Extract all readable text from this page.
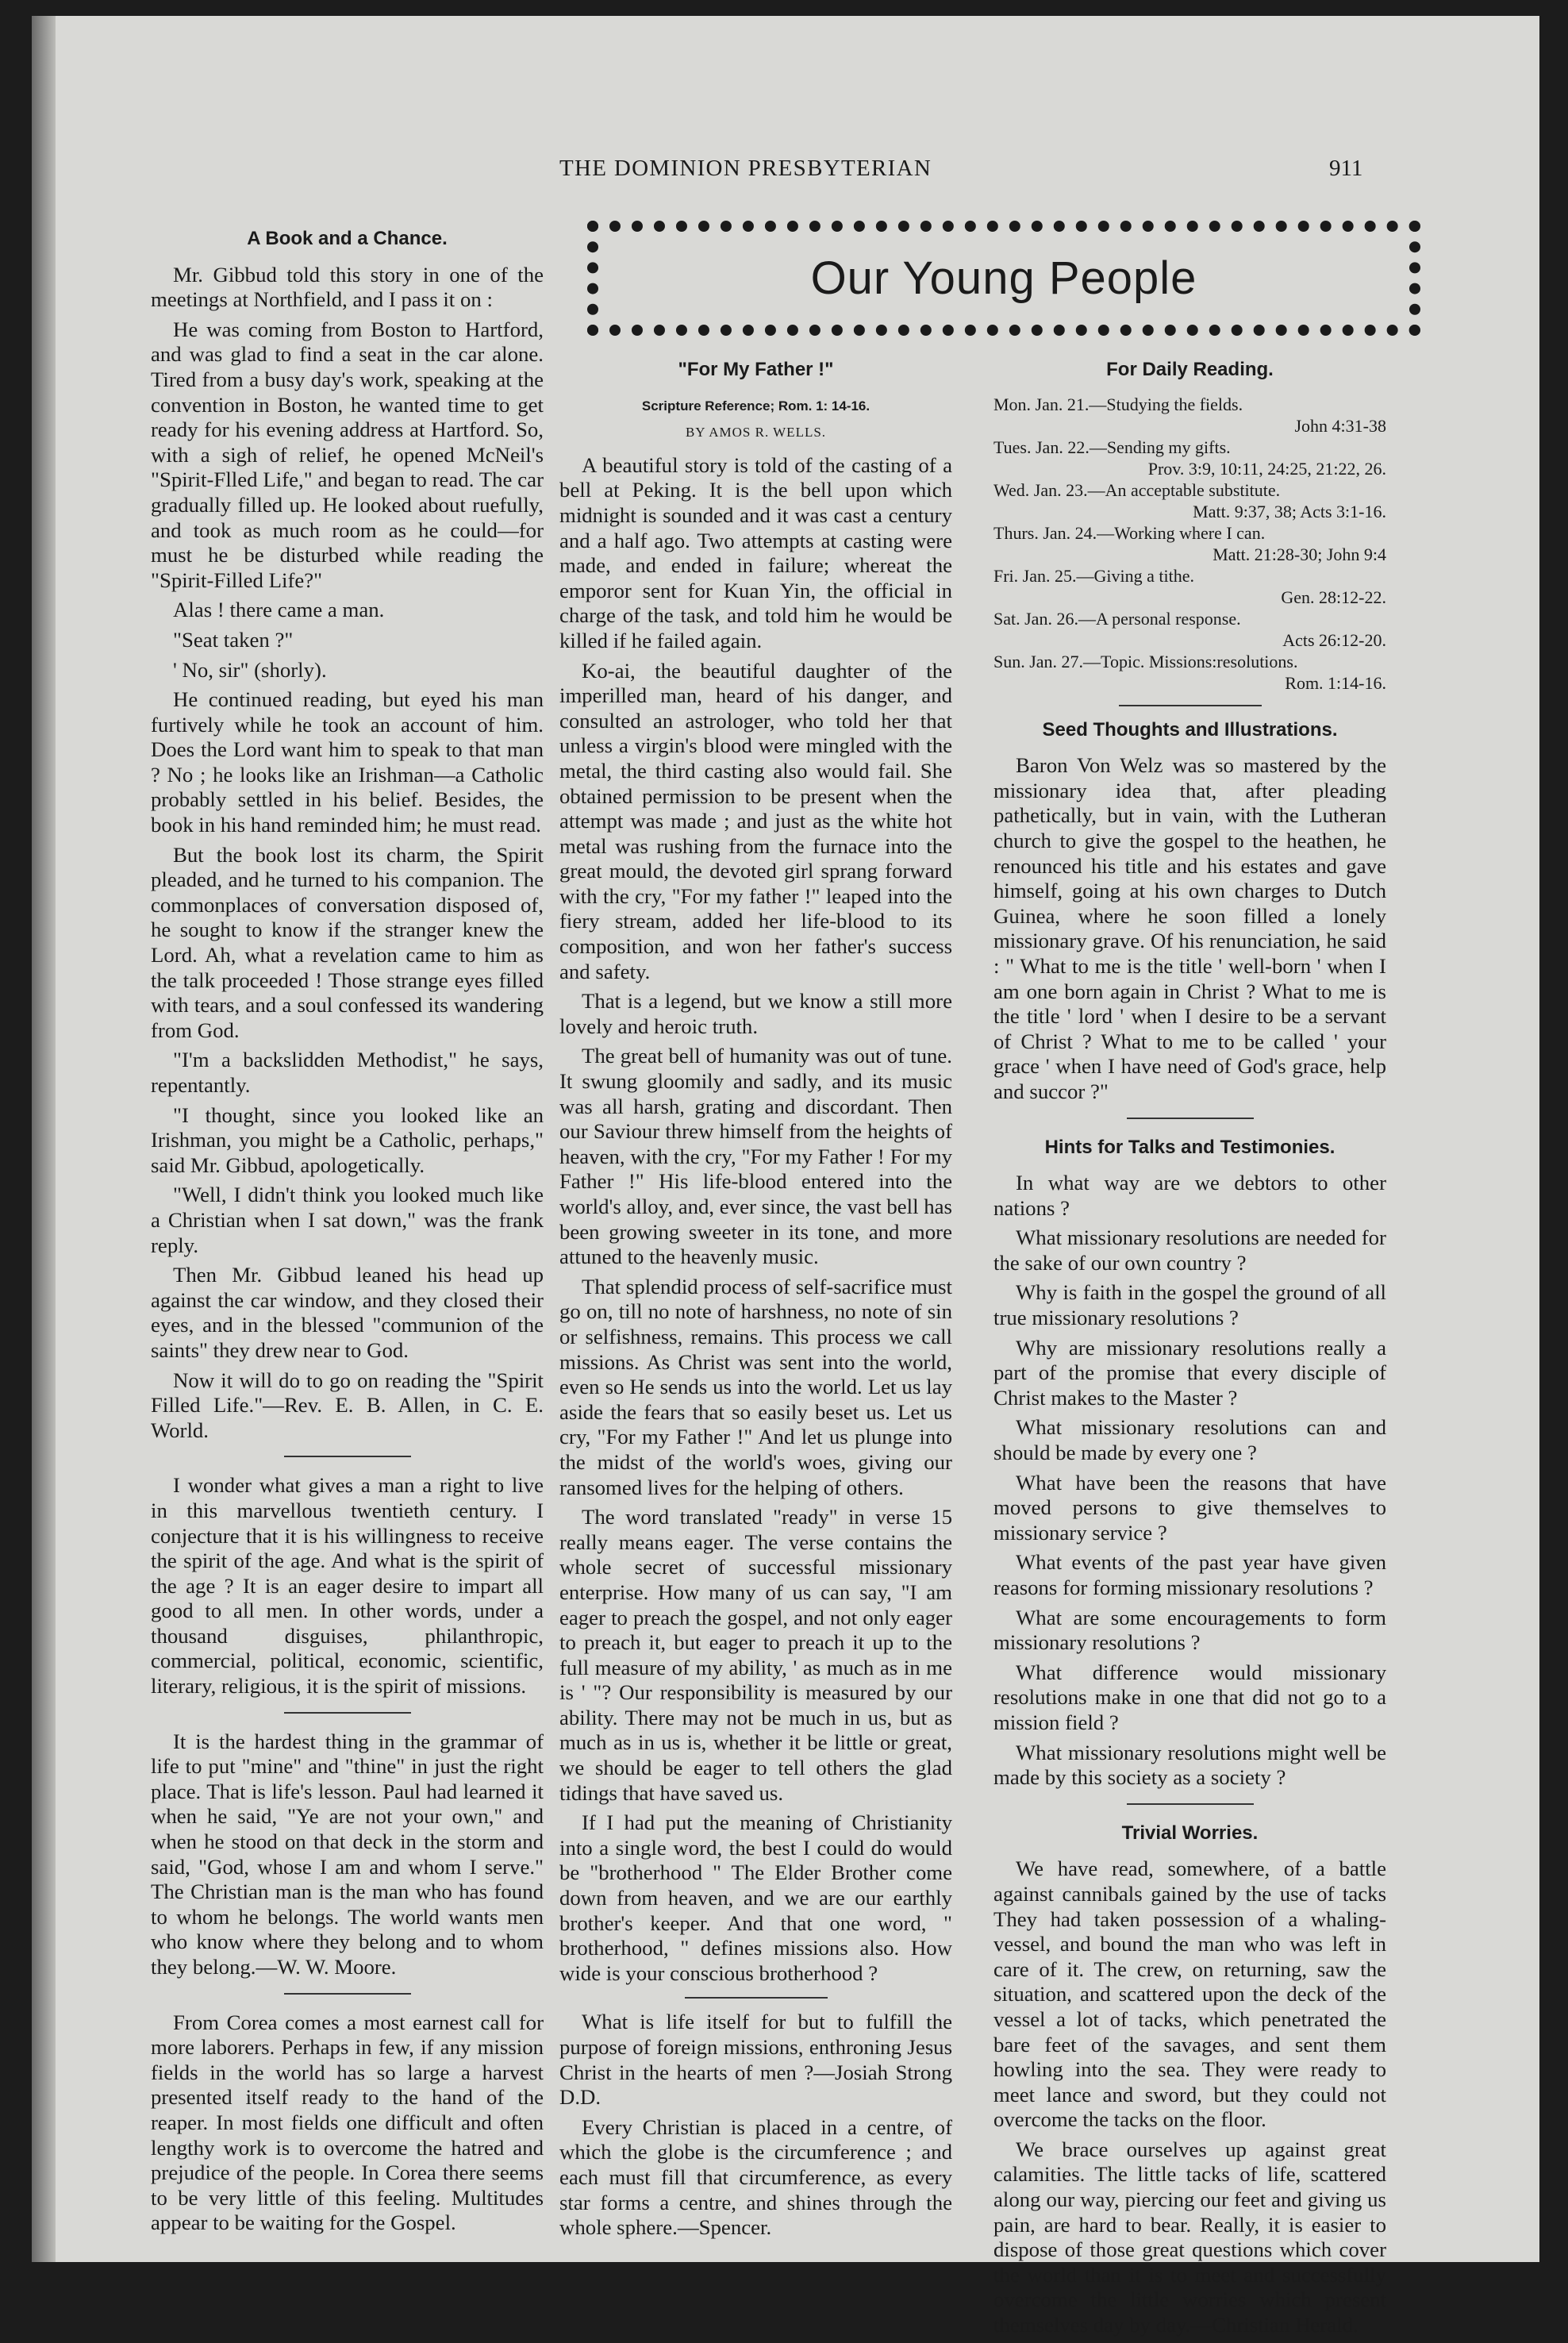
THE DOMINION PRESBYTERIAN	911
Our Young People
A Book and a Chance.

Mr. Gibbud told this story in one of the meetings at Northfield, and I pass it on :

He was coming from Boston to Hartford, and was glad to find a seat in the car alone. Tired from a busy day's work, speaking at the convention in Boston, he wanted time to get ready for his evening address at Hartford. So, with a sigh of relief, he opened McNeil's "Spirit-Flled Life," and began to read. The car gradually filled up. He looked about ruefully, and took as much room as he could—for must he be disturbed while reading the "Spirit-Filled Life?"

Alas ! there came a man.

"Seat taken ?"

' No, sir" (shorly).

He continued reading, but eyed his man furtively while he took an account of him. Does the Lord want him to speak to that man ? No ; he looks like an Irishman—a Catholic probably settled in his belief. Besides, the book in his hand reminded him; he must read.

But the book lost its charm, the Spirit pleaded, and he turned to his companion. The commonplaces of conversation disposed of, he sought to know if the stranger knew the Lord. Ah, what a revelation came to him as the talk proceeded ! Those strange eyes filled with tears, and a soul confessed its wandering from God.

"I'm a backslidden Methodist," he says, repentantly.

"I thought, since you looked like an Irishman, you might be a Catholic, perhaps," said Mr. Gibbud, apologetically.

"Well, I didn't think you looked much like a Christian when I sat down," was the frank reply.

Then Mr. Gibbud leaned his head up against the car window, and they closed their eyes, and in the blessed "communion of the saints" they drew near to God.

Now it will do to go on reading the "Spirit Filled Life."—Rev. E. B. Allen, in C. E. World.

I wonder what gives a man a right to live in this marvellous twentieth century. I conjecture that it is his willingness to receive the spirit of the age. And what is the spirit of the age ? It is an eager desire to impart all good to all men. In other words, under a thousand disguises, philanthropic, commercial, political, economic, scientific, literary, religious, it is the spirit of missions.

It is the hardest thing in the grammar of life to put "mine" and "thine" in just the right place. That is life's lesson. Paul had learned it when he said, "Ye are not your own," and when he stood on that deck in the storm and said, "God, whose I am and whom I serve." The Christian man is the man who has found to whom he belongs. The world wants men who know where they belong and to whom they belong.—W. W. Moore.

From Corea comes a most earnest call for more laborers. Perhaps in few, if any mission fields in the world has so large a harvest presented itself ready to the hand of the reaper. In most fields one difficult and often lengthy work is to overcome the hatred and prejudice of the people. In Corea there seems to be very little of this feeling. Multitudes appear to be waiting for the Gospel.

"For My Father !"
Scripture Reference; Rom. 1: 14-16.
BY AMOS R. WELLS.

A beautiful story is told of the casting of a bell at Peking. It is the bell upon which midnight is sounded and it was cast a century and a half ago. Two attempts at casting were made, and ended in failure; whereat the emporor sent for Kuan Yin, the official in charge of the task, and told him he would be killed if he failed again.

Ko-ai, the beautiful daughter of the imperilled man, heard of his danger, and consulted an astrologer, who told her that unless a virgin's blood were mingled with the metal, the third casting also would fail. She obtained permission to be present when the attempt was made ; and just as the white hot metal was rushing from the furnace into the great mould, the devoted girl sprang forward with the cry, "For my father !" leaped into the fiery stream, added her life-blood to its composition, and won her father's success and safety.

That is a legend, but we know a still more lovely and heroic truth.

The great bell of humanity was out of tune. It swung gloomily and sadly, and its music was all harsh, grating and discordant. Then our Saviour threw himself from the heights of heaven, with the cry, "For my Father ! For my Father !" His life-blood entered into the world's alloy, and, ever since, the vast bell has been growing sweeter in its tone, and more attuned to the heavenly music.

That splendid process of self-sacrifice must go on, till no note of harshness, no note of sin or selfishness, remains. This process we call missions. As Christ was sent into the world, even so He sends us into the world. Let us lay aside the fears that so easily beset us. Let us cry, "For my Father !" And let us plunge into the midst of the world's woes, giving our ransomed lives for the helping of others.

The word translated "ready" in verse 15 really means eager. The verse contains the whole secret of successful missionary enterprise. How many of us can say, "I am eager to preach the gospel, and not only eager to preach it, but eager to preach it up to the full measure of my ability, ' as much as in me is ' "? Our responsibility is measured by our ability. There may not be much in us, but as much as in us is, whether it be little or great, we should be eager to tell others the glad tidings that have saved us.

If I had put the meaning of Christianity into a single word, the best I could do would be "brotherhood " The Elder Brother come down from heaven, and we are our earthly brother's keeper. And that one word, " brotherhood, " defines missions also. How wide is your conscious brotherhood ?

What is life itself for but to fulfill the purpose of foreign missions, enthroning Jesus Christ in the hearts of men ?—Josiah Strong D.D.

Every Christian is placed in a centre, of which the globe is the circumference ; and each must fill that circumference, as every star forms a centre, and shines through the whole sphere.—Spencer.

For Daily Reading.
Mon. Jan. 21.—Studying the fields.
John 4:31-38
Tues. Jan. 22.—Sending my gifts.
Prov. 3:9, 10:11, 24:25, 21:22, 26.
Wed. Jan. 23.—An acceptable substitute.
Matt. 9:37, 38; Acts 3:1-16.
Thurs. Jan. 24.—Working where I can.
Matt. 21:28-30; John 9:4
Fri. Jan. 25.—Giving a tithe.
Gen. 28:12-22.
Sat. Jan. 26.—A personal response.
Acts 26:12-20.
Sun. Jan. 27.—Topic. Missions:resolutions.
Rom. 1:14-16.
Seed Thoughts and Illustrations.

Baron Von Welz was so mastered by the missionary idea that, after pleading pathetically, but in vain, with the Lutheran church to give the gospel to the heathen, he renounced his title and his estates and gave himself, going at his own charges to Dutch Guinea, where he soon filled a lonely missionary grave. Of his renunciation, he said : " What to me is the title ' well-born ' when I am one born again in Christ ? What to me is the title ' lord ' when I desire to be a servant of Christ ? What to me to be called ' your grace ' when I have need of God's grace, help and succor ?"

Hints for Talks and Testimonies.

In what way are we debtors to other nations ?

What missionary resolutions are needed for the sake of our own country ?

Why is faith in the gospel the ground of all true missionary resolutions ?

Why are missionary resolutions really a part of the promise that every disciple of Christ makes to the Master ?

What missionary resolutions can and should be made by every one ?

What have been the reasons that have moved persons to give themselves to missionary service ?

What events of the past year have given reasons for forming missionary resolutions ?

What are some encouragements to form missionary resolutions ?

What difference would missionary resolutions make in one that did not go to a mission field ?

What missionary resolutions might well be made by this society as a society ?

Trivial Worries.

We have read, somewhere, of a battle against cannibals gained by the use of tacks They had taken possession of a whaling-vessel, and bound the man who was left in care of it. The crew, on returning, saw the situation, and scattered upon the deck of the vessel a lot of tacks, which penetrated the bare feet of the savages, and sent them howling into the sea. They were ready to meet lance and sword, but they could not overcome the tacks on the floor.

We brace ourselves up against great calamities. The little tacks of life, scattered along our way, piercing our feet and giving us pain, are hard to bear. Really, it is easier to dispose of those great questions which cover the world than it is to meet and successfully overcome the little worries which present themselves day by day.—Christian Herald.
